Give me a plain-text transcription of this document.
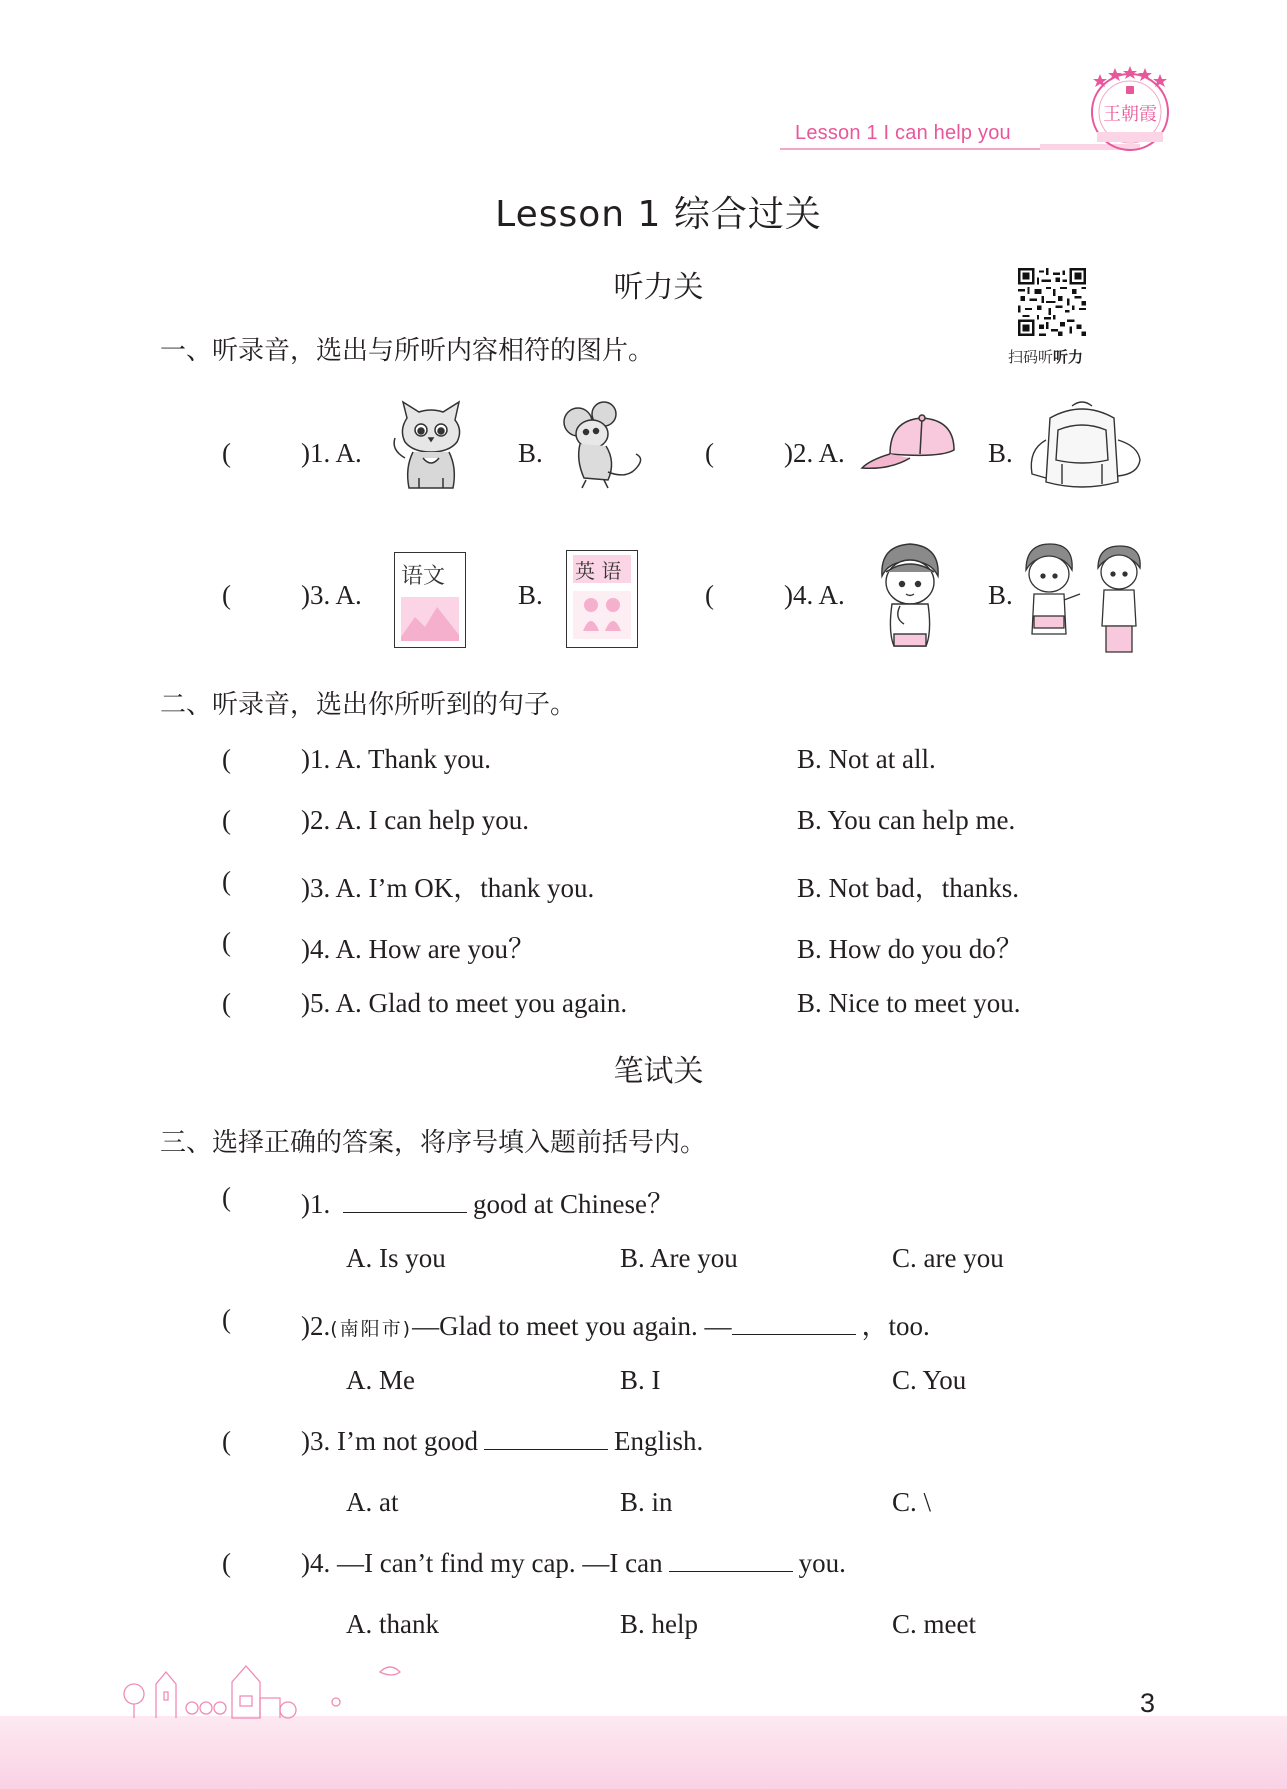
Lesson 1 I can help you
王朝霞
Lesson 1 综合过关
听力关
扫码听听力
一、听录音，选出与所听内容相符的图片。
(	)1. A.	B.	(	)2. A.	B.
(	)3. A.	B.	(	)4. A.	B.
语文	英 语
二、听录音，选出你所听到的句子。
(	)1. A. Thank you.	B. Not at all.
(	)2. A. I can help you.	B. You can help me.
(	)3. A. I’m OK，thank you.	B. Not bad，thanks.
(	)4. A. How are you？	B. How do you do？
(	)5. A. Glad to meet you again.	B. Nice to meet you.
笔试关
三、选择正确的答案，将序号填入题前括号内。
(	)1.	good at Chinese？
A. Is you	B. Are you	C. are you
(	)2.(南阳市)—Glad to meet you again. —	，too.
A. Me	B. I	C. You
(	)3. I’m not good	English.
A. at	B. in	C. \
(	)4. —I can’t find my cap. —I can	you.
A. thank	B. help	C. meet
3
